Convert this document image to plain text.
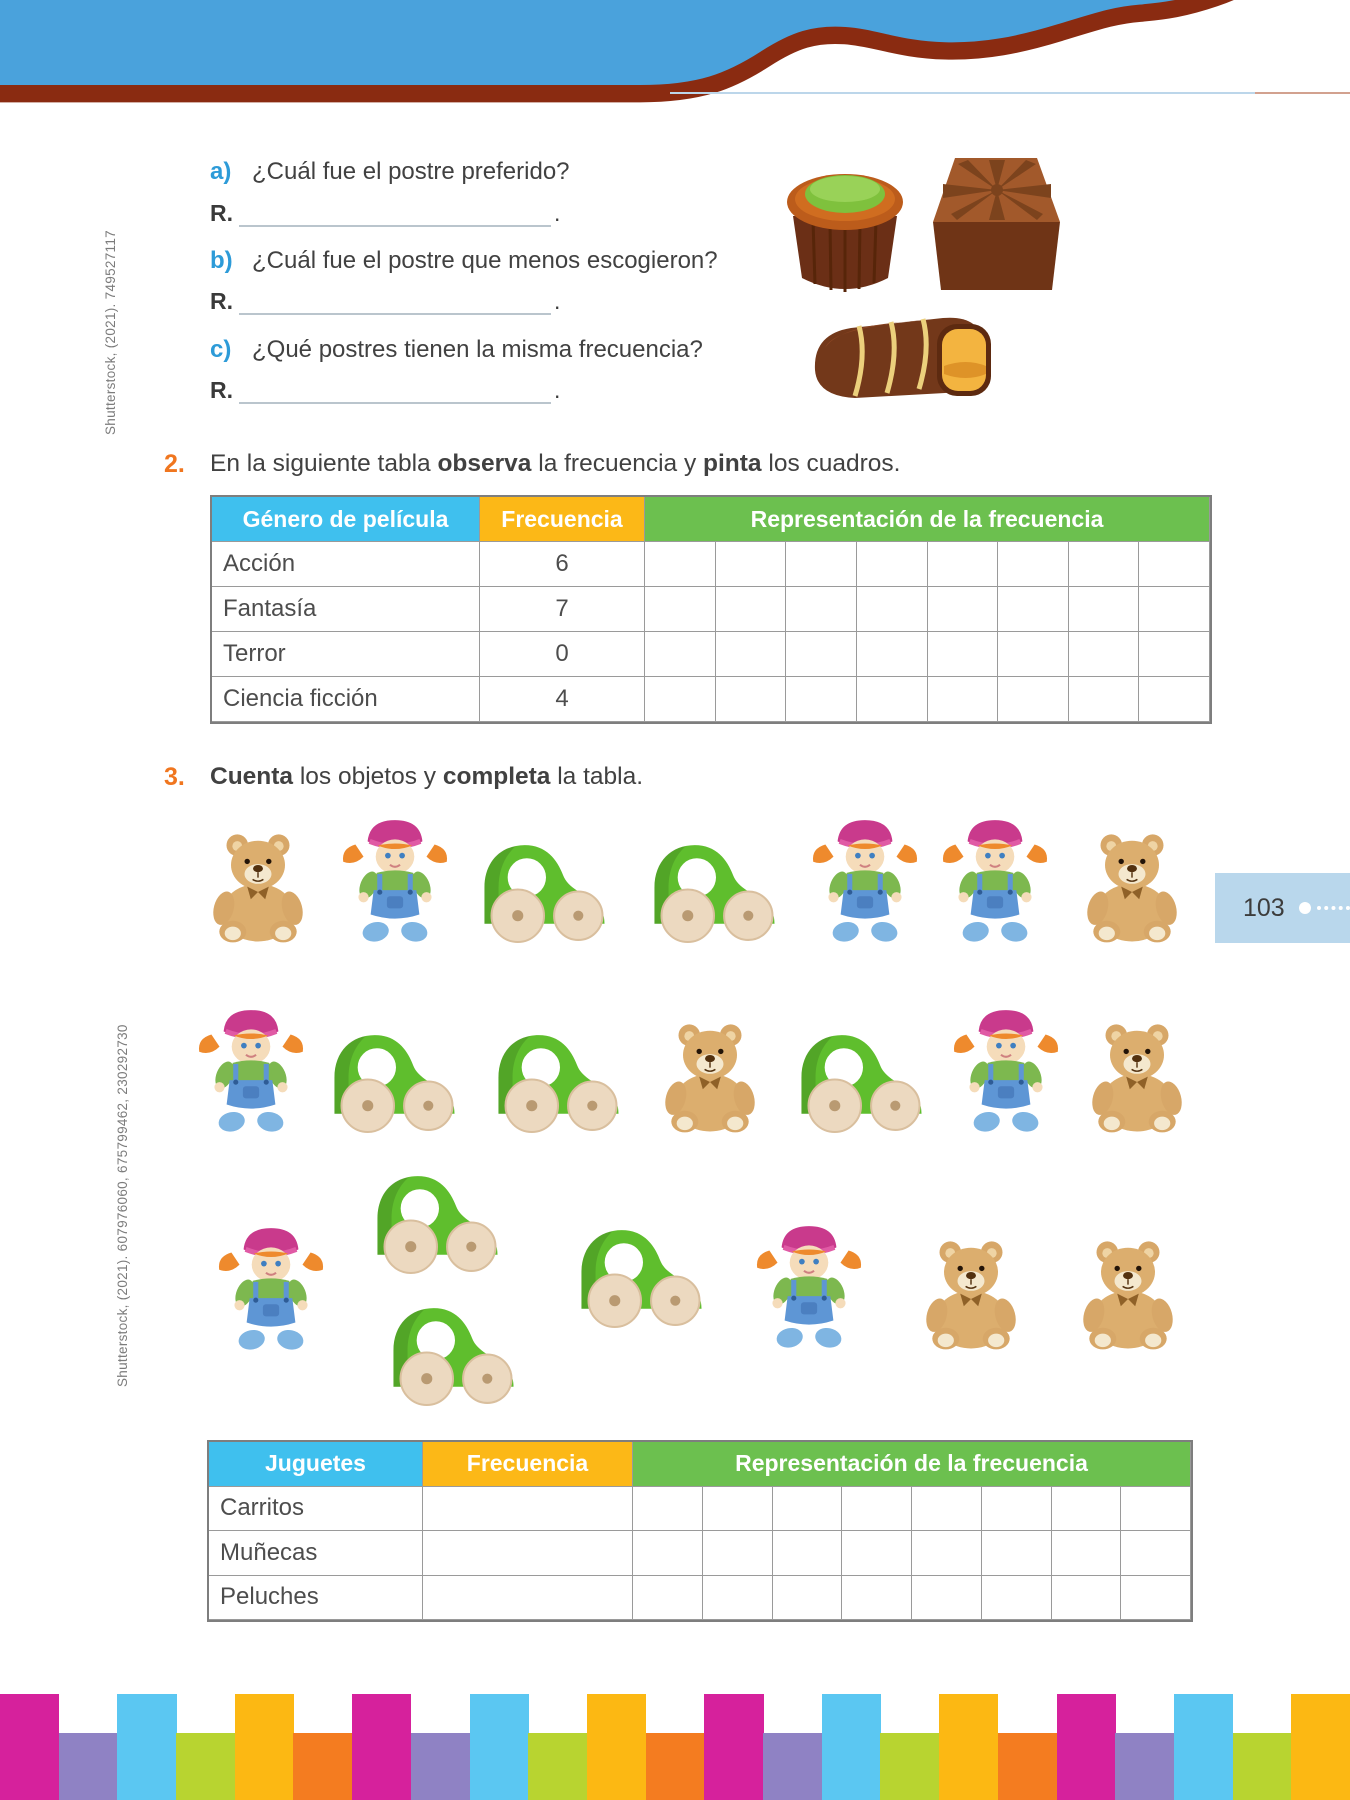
Shutterstock, (2021). 749527117
Shutterstock, (2021). 607976060, 675799462, 230292730
a) ¿Cuál fue el postre preferido?
R.	.
b) ¿Cuál fue el postre que menos escogieron?
R.	.
c) ¿Qué postres tienen la misma frecuencia?
R.	.
2.	En la siguiente tabla observa la frecuencia y pinta los cuadros.
Género de película	Frecuencia	Representación de la frecuencia
Acción	6
Fantasía	7
Terror	0
Ciencia ficción	4
3.	Cuenta los objetos y completa la tabla.
Juguetes	Frecuencia	Representación de la frecuencia
Carritos
Muñecas
Peluches
103
